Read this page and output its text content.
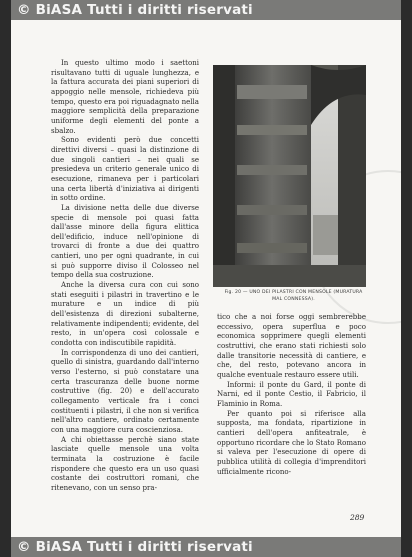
© BiASA Tutti i diritti riservati

In questo ultimo modo i saettoni risultavano tutti di uguale lunghezza, e la fattura accurata dei piani superiori di appoggio nelle mensole, richiedeva più tempo, questo era poi riguadagnato nella maggiore semplicità della preparazione uniforme degli elementi del ponte a sbalzo.

Sono evidenti però due concetti direttivi diversi – quasi la distinzione di due singoli cantieri – nei quali se presiedeva un criterio generale unico di esecuzione, rimaneva per i particolari una certa libertà d'iniziativa ai dirigenti in sotto ordine.

La divisione netta delle due diverse specie di mensole poi quasi fatta dall'asse minore della figura elittica dell'edificio, induce nell'opinione di trovarci di fronte a due dei quattro cantieri, uno per ogni quadrante, in cui si può supporre diviso il Colosseo nel tempo della sua costruzione.

Anche la diversa cura con cui sono stati eseguiti i pilastri in travertino e le murature e un indice di più dell'esistenza di direzioni subalterne, relativamente indipendenti; evidente, del resto, in un'opera così colossale e condotta con indiscutibile rapidità.

In corrispondenza di uno dei cantieri, quello di sinistra, guardando dall'interno verso l'esterno, si può constatare una certa trascuranza delle buone norme costruttive (fig. 20) e dell'accurato collegamento verticale fra i conci costituenti i pilastri, il che non si verifica nell'altro cantiere, ordinato certamente con una maggiore cura coscienziosa.

A chi obiettasse perchè siano state lasciate quelle mensole una volta terminata la costruzione è facile rispondere che questo era un uso quasi costante dei costruttori romani, che ritenevano, con un senso pra-

Fig. 20 — UNO DEI PILASTRI CON MENSOLE (MURATURA MAL CONNESSA).

tico che a noi forse oggi sembrerebbe eccessivo, opera superflua e poco economica sopprimere quegli elementi costruttivi, che erano stati richiesti solo dalle transitorie necessità di cantiere, e che, del resto, potevano ancora in qualche eventuale restauro essere utili.

Informi: il ponte du Gard, il ponte di Narni, ed il ponte Cestio, il Fabricio, il Flaminio in Roma.

Per quanto poi si riferisce alla supposta, ma fondata, ripartizione in cantieri dell'opera anfiteatrale, è opportuno ricordare che lo Stato Romano si valeva per l'esecuzione di opere di pubblica utilità di collegia d'imprenditori ufficialmente ricono-

289
© BiASA Tutti i diritti riservati
